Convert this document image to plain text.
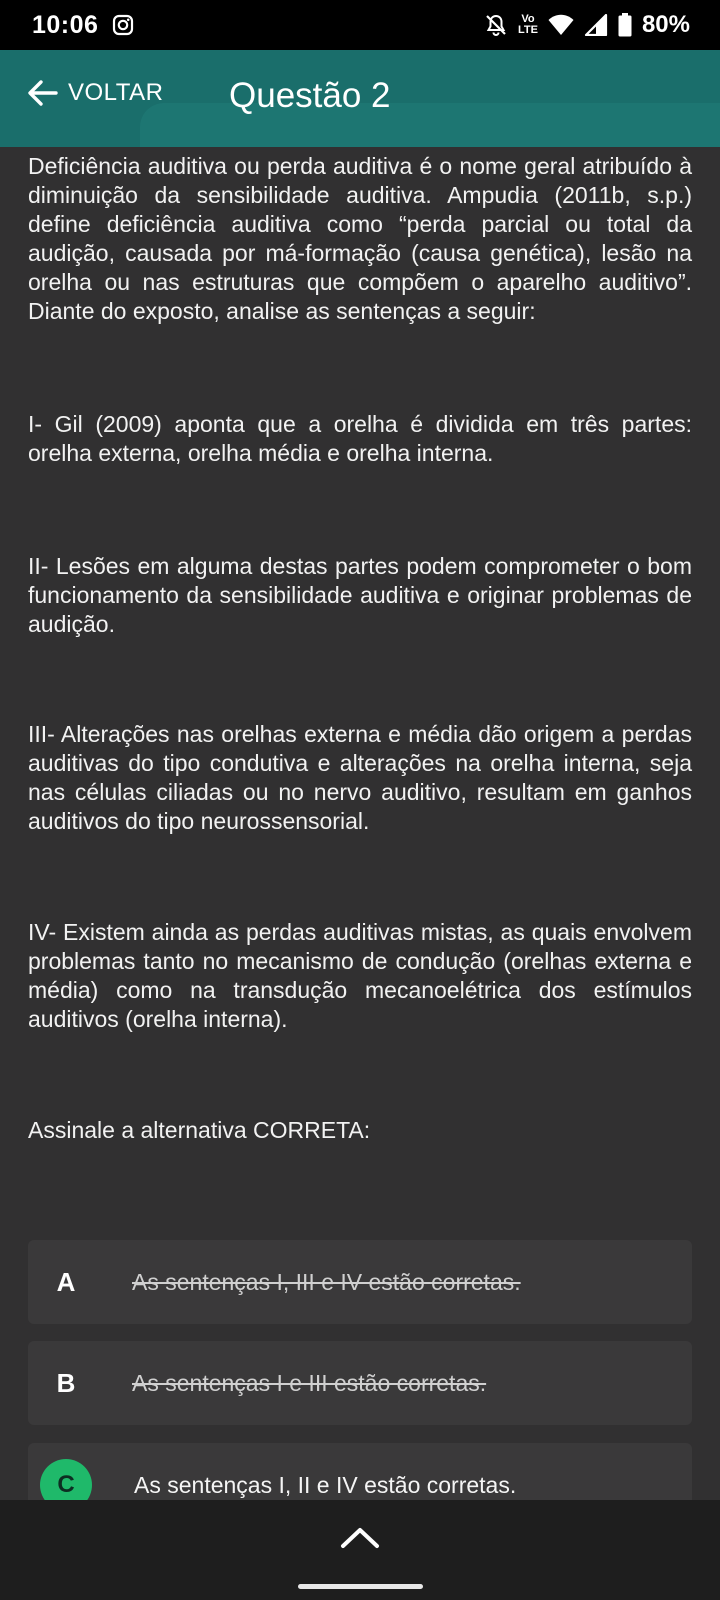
10:06	Vo
LTE	80%
VOLTAR Questão 2

Deficiência auditiva ou perda auditiva é o nome geral atribuído à diminuição da sensibilidade auditiva. Ampudia (2011b, s.p.) define deficiência auditiva como “perda parcial ou total da audição, causada por má-formação (causa genética), lesão na orelha ou nas estruturas que compõem o aparelho auditivo”. Diante do exposto, analise as sentenças a seguir:

I- Gil (2009) aponta que a orelha é dividida em três partes: orelha externa, orelha média e orelha interna.

II- Lesões em alguma destas partes podem comprometer o bom funcionamento da sensibilidade auditiva e originar problemas de audição.

III- Alterações nas orelhas externa e média dão origem a perdas auditivas do tipo condutiva e alterações na orelha interna, seja nas células ciliadas ou no nervo auditivo, resultam em ganhos auditivos do tipo neurossensorial.

IV- Existem ainda as perdas auditivas mistas, as quais envolvem problemas tanto no mecanismo de condução (orelhas externa e média) como na transdução mecanoelétrica dos estímulos auditivos (orelha interna).

Assinale a alternativa CORRETA:

A	As sentenças I, III e IV estão corretas.
B	As sentenças I e III estão corretas.
C	As sentenças I, II e IV estão corretas.
